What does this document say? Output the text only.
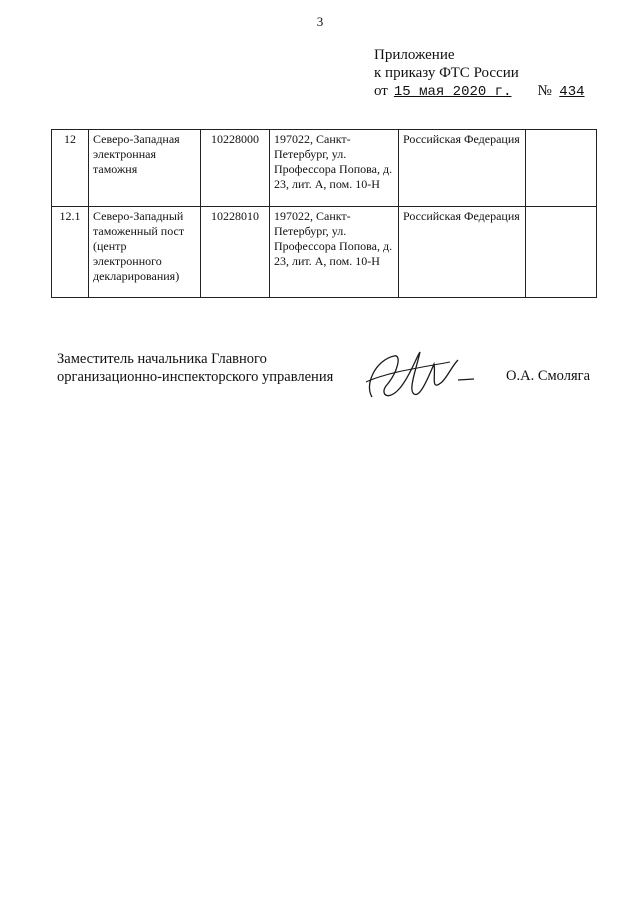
3
Приложение
к приказу ФТС России
от 15 мая 2020 г. № 434
12	Северо-Западная электронная таможня	10228000	197022, Санкт-Петербург, ул. Профессора Попова, д. 23, лит. А, пом. 10-Н	Российская Федерация	
12.1	Северо-Западный таможенный пост (центр электронного декларирования)	10228010	197022, Санкт-Петербург, ул. Профессора Попова, д. 23, лит. А, пом. 10-Н	Российская Федерация	
Заместитель начальника Главного
организационно-инспекторского управления	О.А. Смоляга
